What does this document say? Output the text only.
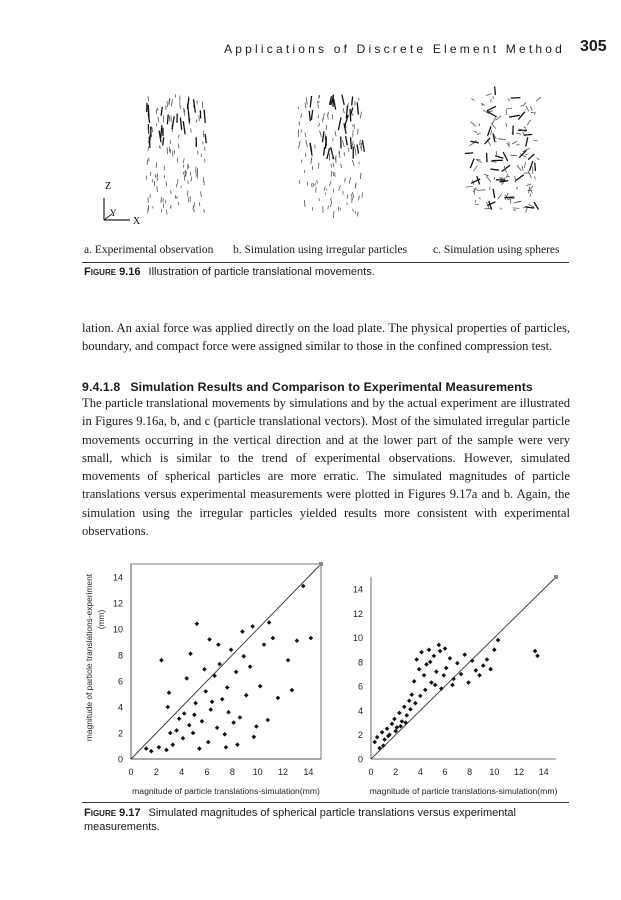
Applications of Discrete Element Method 305
Z
Y
X
a. Experimental observation b. Simulation using irregular particles c. Simulation using spheres
Figure 9.16 Illustration of particle translational movements.
lation. An axial force was applied directly on the load plate. The physical properties of particles, boundary, and compact force were assigned similar to those in the confined compression test.
9.4.1.8 Simulation Results and Comparison to Experimental Measurements
The particle translational movements by simulations and by the actual experiment are illustrated in Figures 9.16a, b, and c (particle translational vectors). Most of the simulated irregular particle movements occurring in the vertical direction and at the lower part of the sample were very small, which is similar to the trend of experimental observations. However, simulated movements of spherical particles are more erratic. The simulated magnitudes of particle translations versus experimental measurements were plotted in Figures 9.17a and b. Again, the simulation using the irregular particles yielded results more consistent with experimental observations.
0
2
4
6
8
10
12
14
0 2 4 6 8 10 12 14
magnitude of particle translations-simulation(mm)
magnitude of particle translations-experiment (mm)
0
2
4
6
8
10
12
14
0 2 4 6 8 10 12 14
magnitude of particle translations-simulation(mm)
Figure 9.17 Simulated magnitudes of spherical particle translations versus experimental measurements.
